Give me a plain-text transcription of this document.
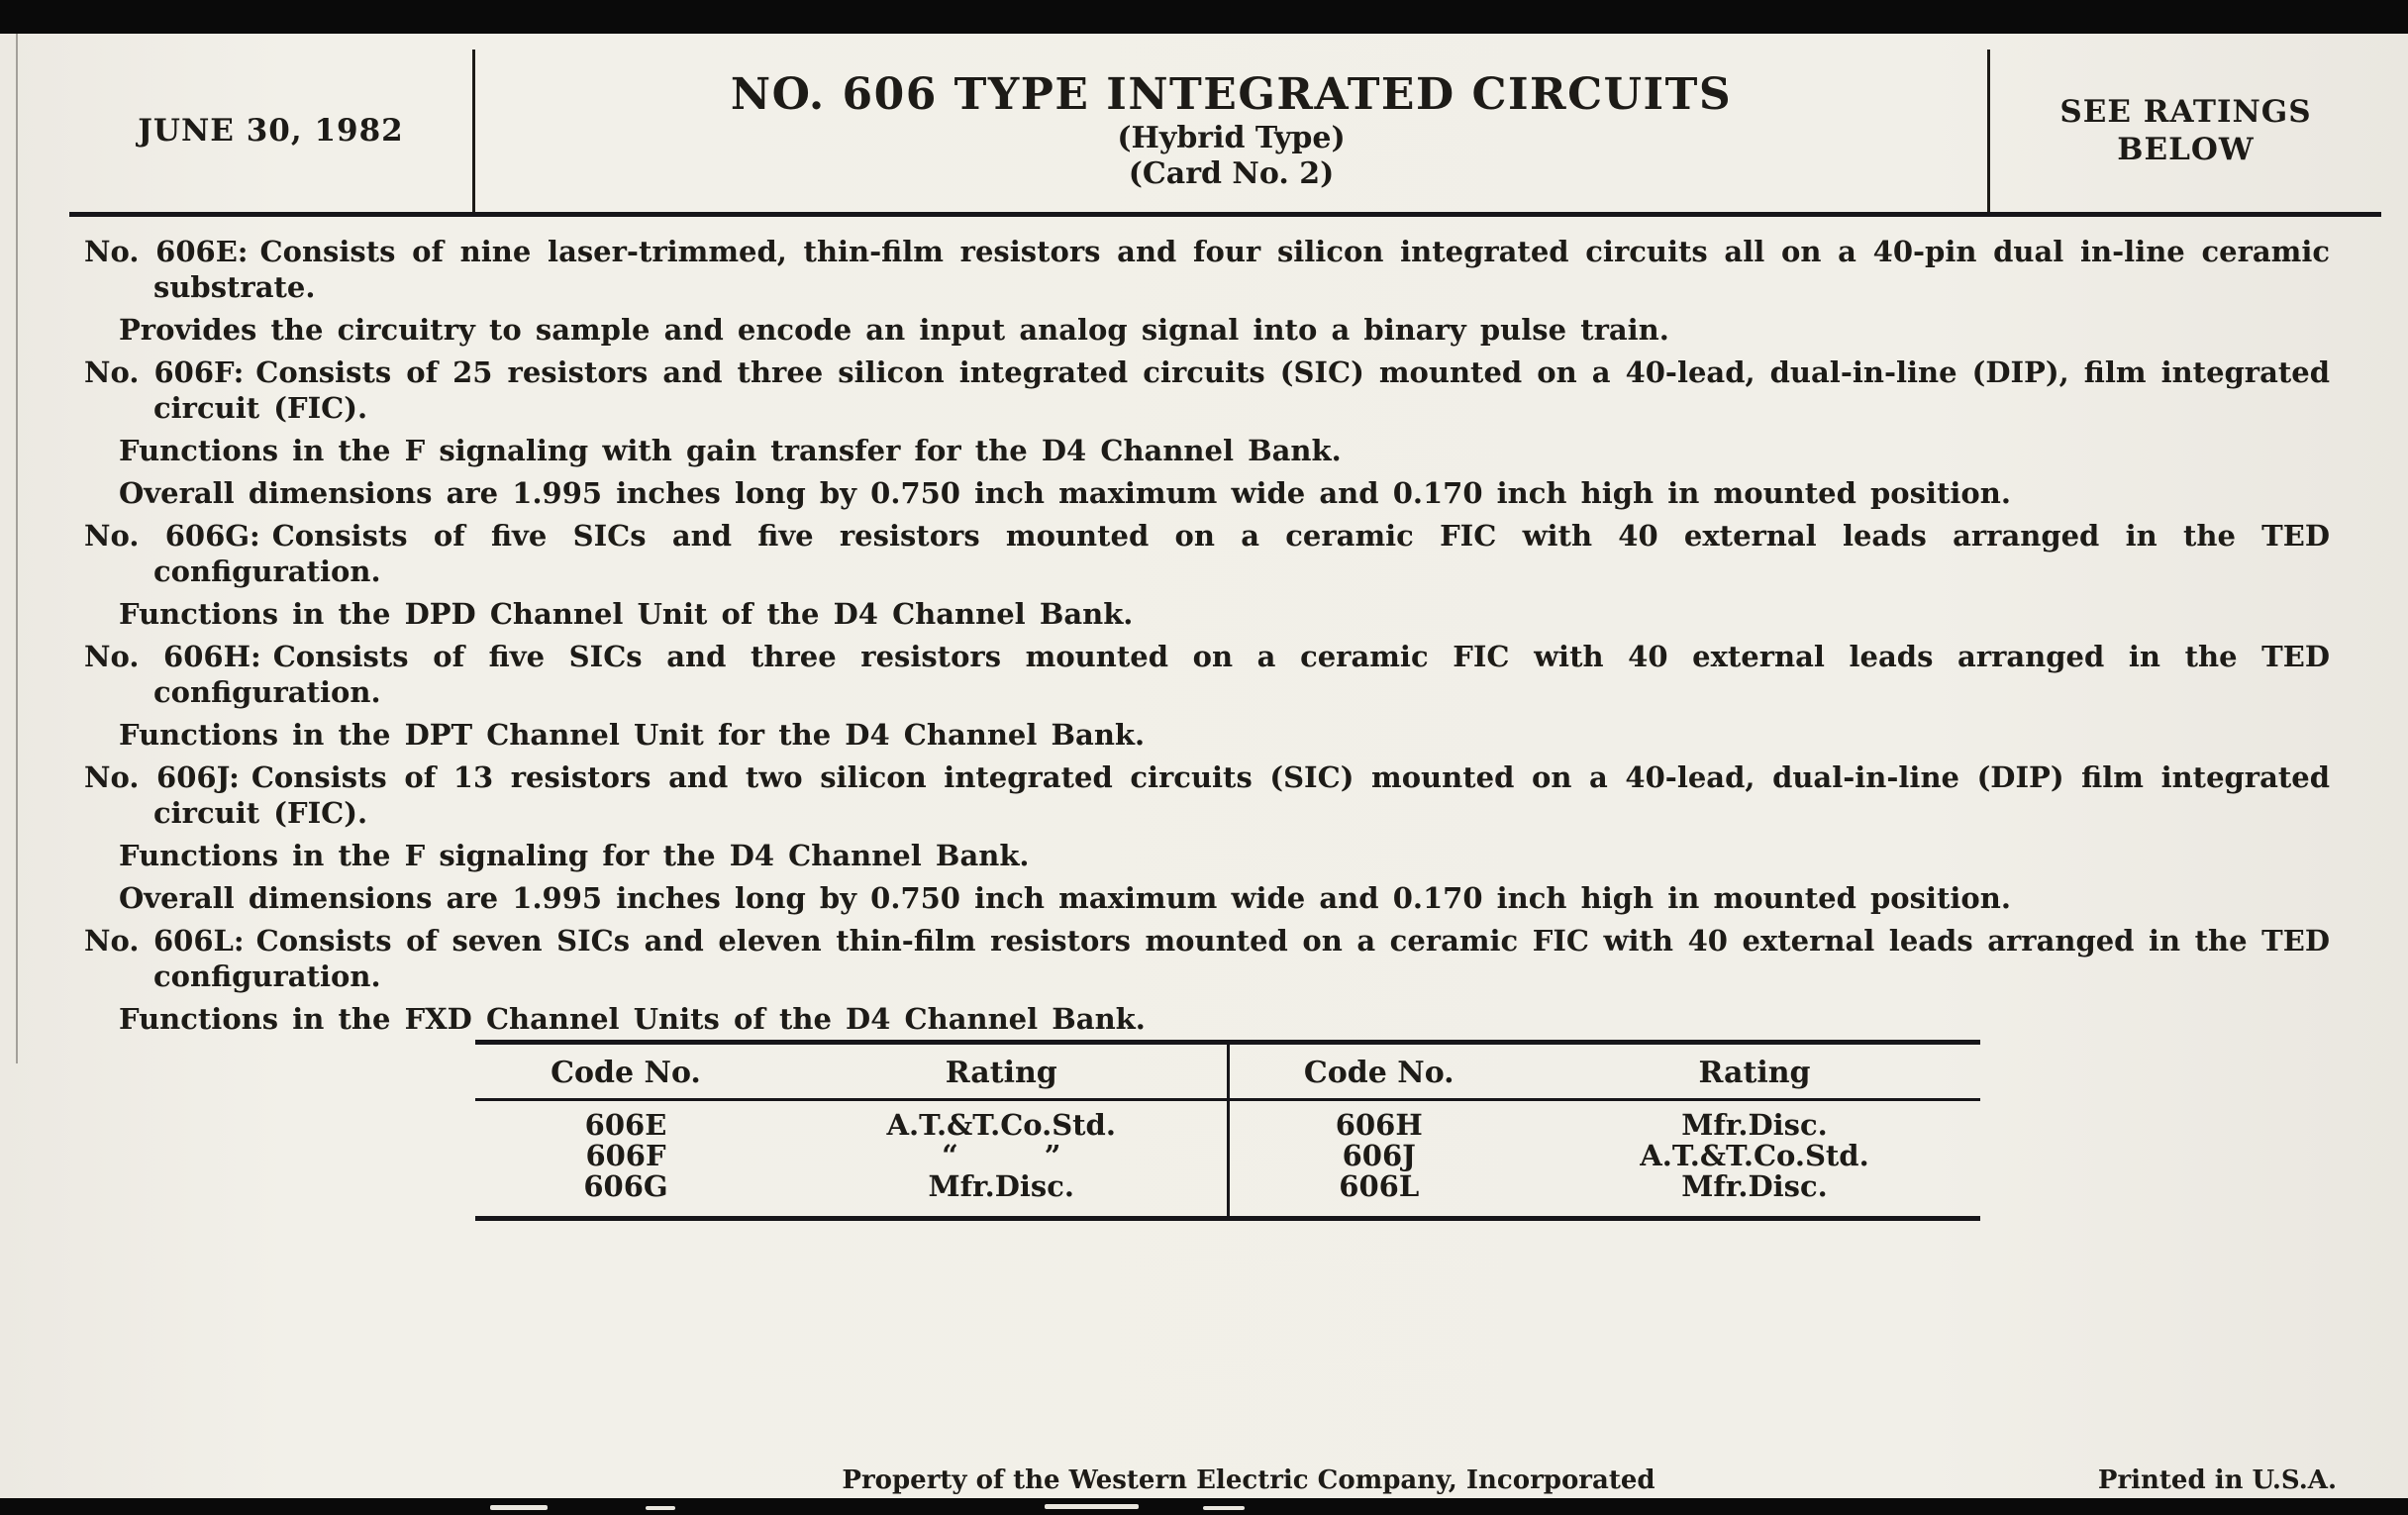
JUNE 30, 1982
NO. 606 TYPE INTEGRATED CIRCUITS
(Hybrid Type)
(Card No. 2)
SEE RATINGS
BELOW

No. 606E: Consists of nine laser-trimmed, thin-film resistors and four silicon integrated circuits all on a 40-pin dual in-line ceramic substrate.

Provides the circuitry to sample and encode an input analog signal into a binary pulse train.

No. 606F: Consists of 25 resistors and three silicon integrated circuits (SIC) mounted on a 40-lead, dual-in-line (DIP), film integrated circuit (FIC).

Functions in the F signaling with gain transfer for the D4 Channel Bank.

Overall dimensions are 1.995 inches long by 0.750 inch maximum wide and 0.170 inch high in mounted position.

No. 606G: Consists of five SICs and five resistors mounted on a ceramic FIC with 40 external leads arranged in the TED configuration.

Functions in the DPD Channel Unit of the D4 Channel Bank.

No. 606H: Consists of five SICs and three resistors mounted on a ceramic FIC with 40 external leads arranged in the TED configuration.

Functions in the DPT Channel Unit for the D4 Channel Bank.

No. 606J: Consists of 13 resistors and two silicon integrated circuits (SIC) mounted on a 40-lead, dual-in-line (DIP) film integrated circuit (FIC).

Functions in the F signaling for the D4 Channel Bank.

Overall dimensions are 1.995 inches long by 0.750 inch maximum wide and 0.170 inch high in mounted position.

No. 606L: Consists of seven SICs and eleven thin-film resistors mounted on a ceramic FIC with 40 external leads arranged in the TED configuration.

Functions in the FXD Channel Units of the D4 Channel Bank.

Code No.	Rating	Code No.	Rating
606E	A.T.&T.Co.Std.	606H	Mfr.Disc.
606F	“   ”	606J	A.T.&T.Co.Std.
606G	Mfr.Disc.	606L	Mfr.Disc.
Property of the Western Electric Company, Incorporated	Printed in U.S.A.
